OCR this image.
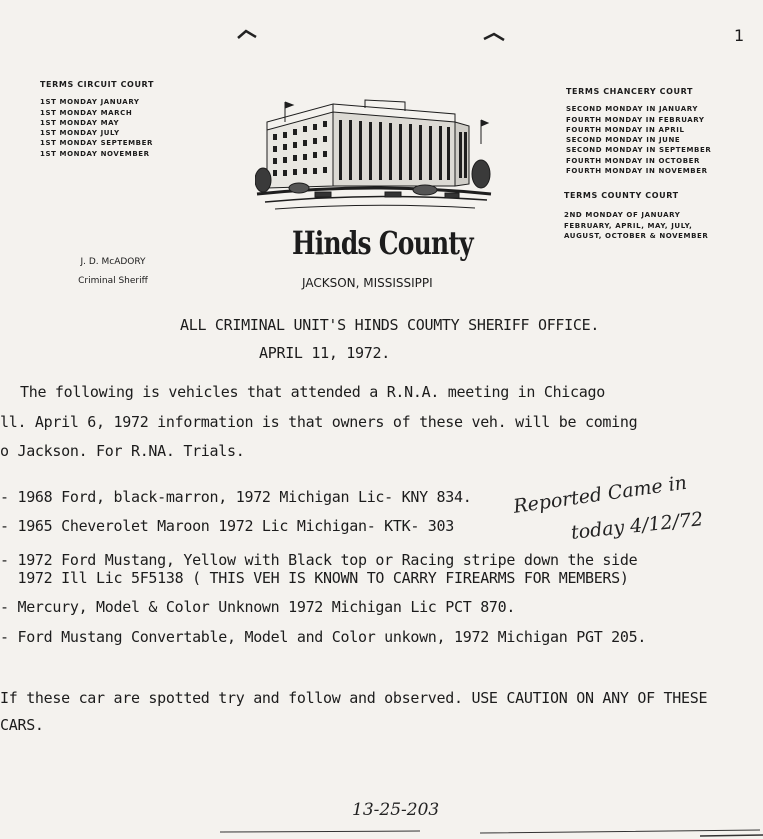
1
TERMS CIRCUIT COURT
1ST MONDAY JANUARY
1ST MONDAY MARCH
1ST MONDAY MAY
1ST MONDAY JULY
1ST MONDAY SEPTEMBER
1ST MONDAY NOVEMBER
TERMS CHANCERY COURT
SECOND MONDAY IN JANUARY
FOURTH MONDAY IN FEBRUARY
FOURTH MONDAY IN APRIL
SECOND MONDAY IN JUNE
SECOND MONDAY IN SEPTEMBER
FOURTH MONDAY IN OCTOBER
FOURTH MONDAY IN NOVEMBER
TERMS COUNTY COURT
2ND MONDAY OF JANUARY
FEBRUARY, APRIL, MAY, JULY,
AUGUST, OCTOBER & NOVEMBER
J. D. McADORY
Criminal Sheriff
Hinds County
JACKSON, MISSISSIPPI
ALL CRIMINAL UNIT'S HINDS COUMTY SHERIFF OFFICE.
APRIL 11, 1972.
The following is vehicles that attended a R.N.A. meeting in Chicago
ll. April 6, 1972 information is that owners of these veh. will be coming
o Jackson. For R.NA. Trials.
- 1968 Ford, black-marron, 1972 Michigan Lic- KNY 834.
- 1965 Cheverolet Maroon 1972 Lic Michigan- KTK- 303
- 1972 Ford Mustang, Yellow with Black top or Racing stripe down the side
1972 Ill Lic 5F5138 ( THIS VEH IS KNOWN TO CARRY FIREARMS FOR MEMBERS)
- Mercury, Model & Color Unknown 1972 Michigan Lic PCT 870.
- Ford Mustang Convertable, Model and Color unkown, 1972 Michigan PGT 205.
If these car are spotted try and follow and observed. USE CAUTION ON ANY OF THESE
CARS.
Reported Came in
today 4/12/72
13-25-203
